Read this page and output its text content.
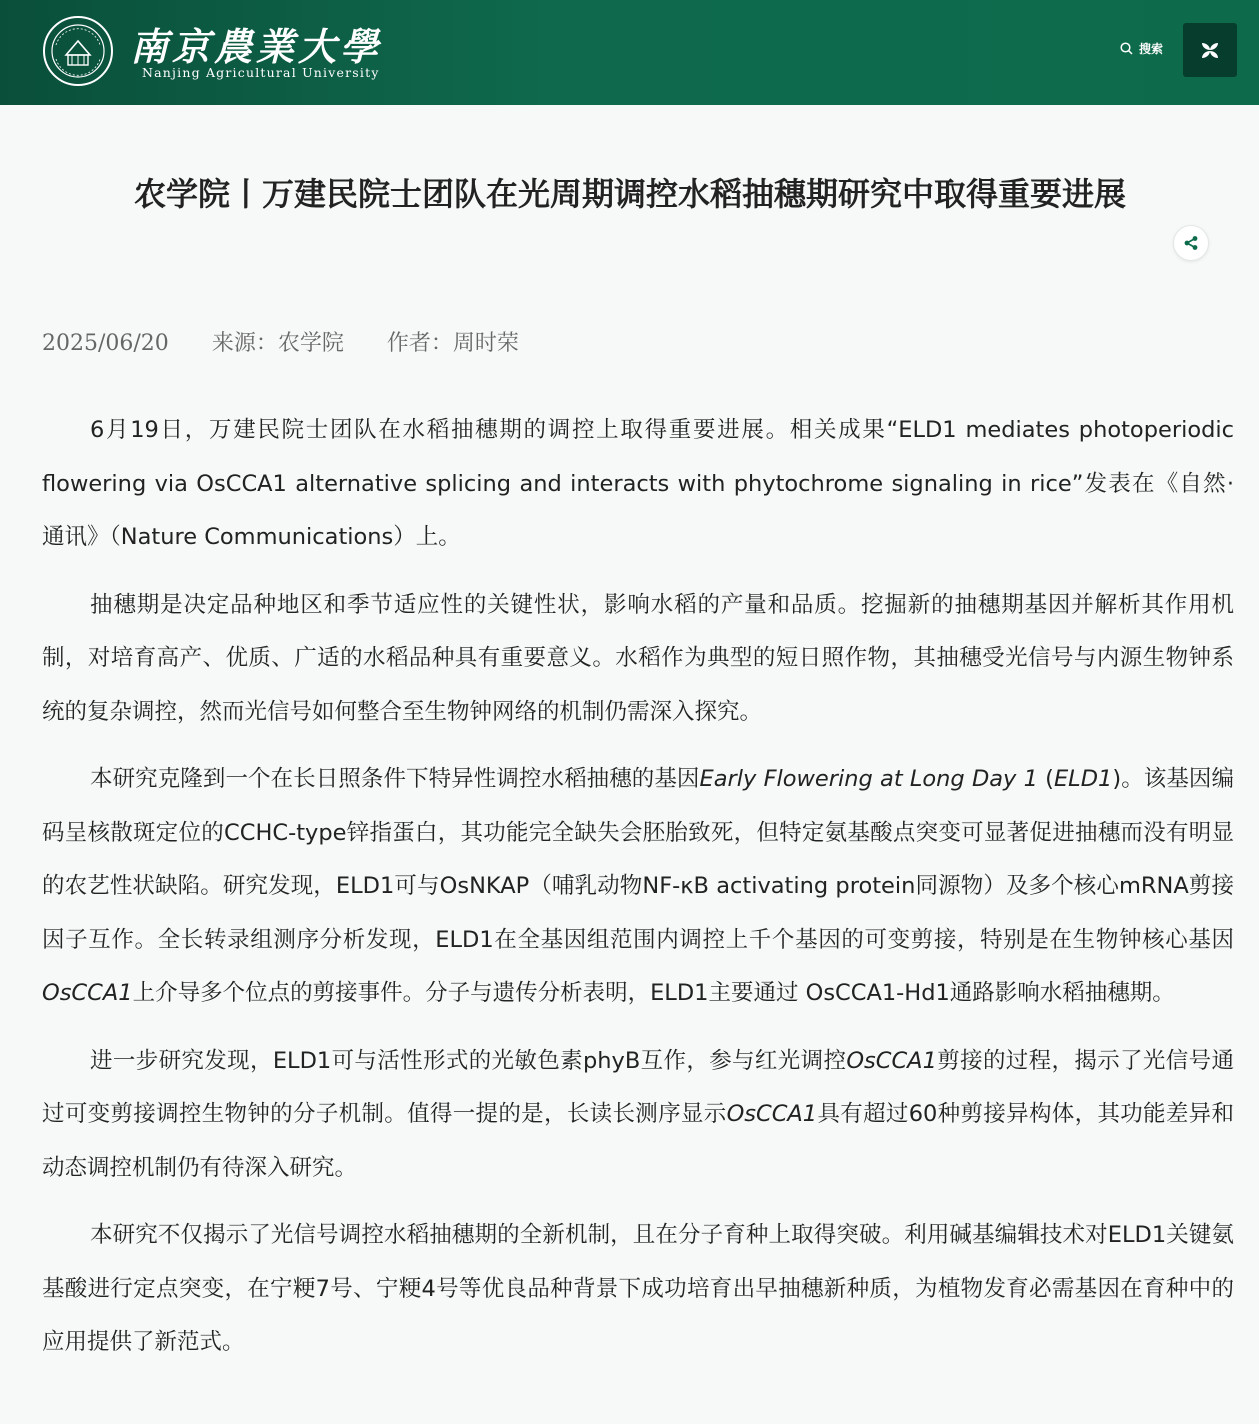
南京農業大學
Nanjing Agricultural University
搜索
农学院丨万建民院士团队在光周期调控水稻抽穗期研究中取得重要进展
2025/06/20 来源：农学院 作者：周时荣

6月19日，万建民院士团队在水稻抽穗期的调控上取得重要进展。相关成果“ELD1 mediates photoperiodic flowering via OsCCA1 alternative splicing and interacts with phytochrome signaling in rice”发表在《自然·通讯》（Nature Communications）上。

抽穗期是决定品种地区和季节适应性的关键性状，影响水稻的产量和品质。挖掘新的抽穗期基因并解析其作用机制，对培育高产、优质、广适的水稻品种具有重要意义。水稻作为典型的短日照作物，其抽穗受光信号与内源生物钟系统的复杂调控，然而光信号如何整合至生物钟网络的机制仍需深入探究。

本研究克隆到一个在长日照条件下特异性调控水稻抽穗的基因Early Flowering at Long Day 1 (ELD1)。该基因编码呈核散斑定位的CCHC-type锌指蛋白，其功能完全缺失会胚胎致死，但特定氨基酸点突变可显著促进抽穗而没有明显的农艺性状缺陷。研究发现，ELD1可与OsNKAP（哺乳动物NF-κB activating protein同源物）及多个核心mRNA剪接因子互作。全长转录组测序分析发现，ELD1在全基因组范围内调控上千个基因的可变剪接，特别是在生物钟核心基因OsCCA1上介导多个位点的剪接事件。分子与遗传分析表明，ELD1主要通过 OsCCA1-Hd1通路影响水稻抽穗期。

进一步研究发现，ELD1可与活性形式的光敏色素phyB互作，参与红光调控OsCCA1剪接的过程，揭示了光信号通过可变剪接调控生物钟的分子机制。值得一提的是，长读长测序显示OsCCA1具有超过60种剪接异构体，其功能差异和动态调控机制仍有待深入研究。

本研究不仅揭示了光信号调控水稻抽穗期的全新机制，且在分子育种上取得突破。利用碱基编辑技术对ELD1关键氨基酸进行定点突变，在宁粳7号、宁粳4号等优良品种背景下成功培育出早抽穗新种质，为植物发育必需基因在育种中的应用提供了新范式。
